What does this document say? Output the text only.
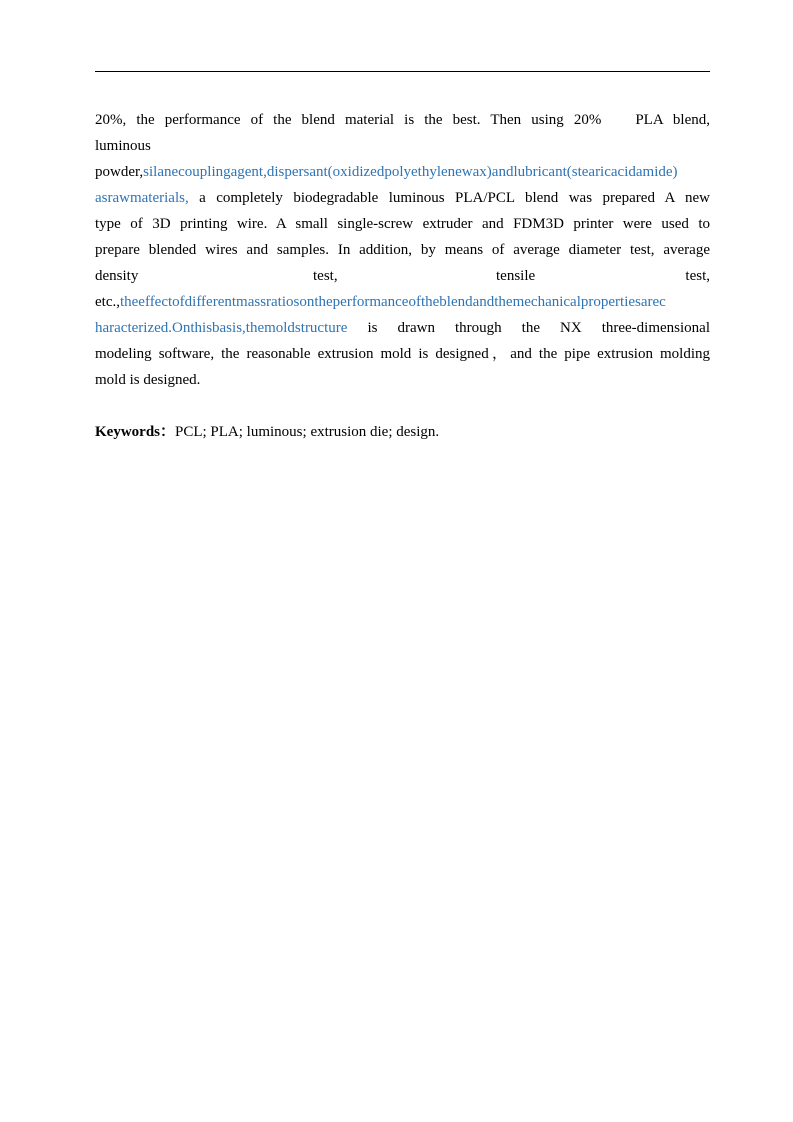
20%, the performance of the blend material is the best. Then using 20% PLA blend,
luminous
powder,silanecouplingagent,dispersant(oxidizedpolyethylenewax)andlubricant(stearicacidamide)
asrawmaterials, a completely biodegradable luminous PLA/PCL blend was prepared A new
type of 3D printing wire. A small single-screw extruder and FDM3D printer were used to
prepare blended wires and samples. In addition, by means of average diameter test, average
density	test,	tensile	test,
etc.,theeffectofdifferentmassratiosontheperformanceoftheblendandthemechanicalpropertiesarec
haracterized.Onthisbasis,themoldstructure is drawn through the NX three-dimensional
modeling software, the reasonable extrusion mold is designed，and the pipe extrusion molding
mold is designed.
Keywords：PCL; PLA; luminous; extrusion die; design.
